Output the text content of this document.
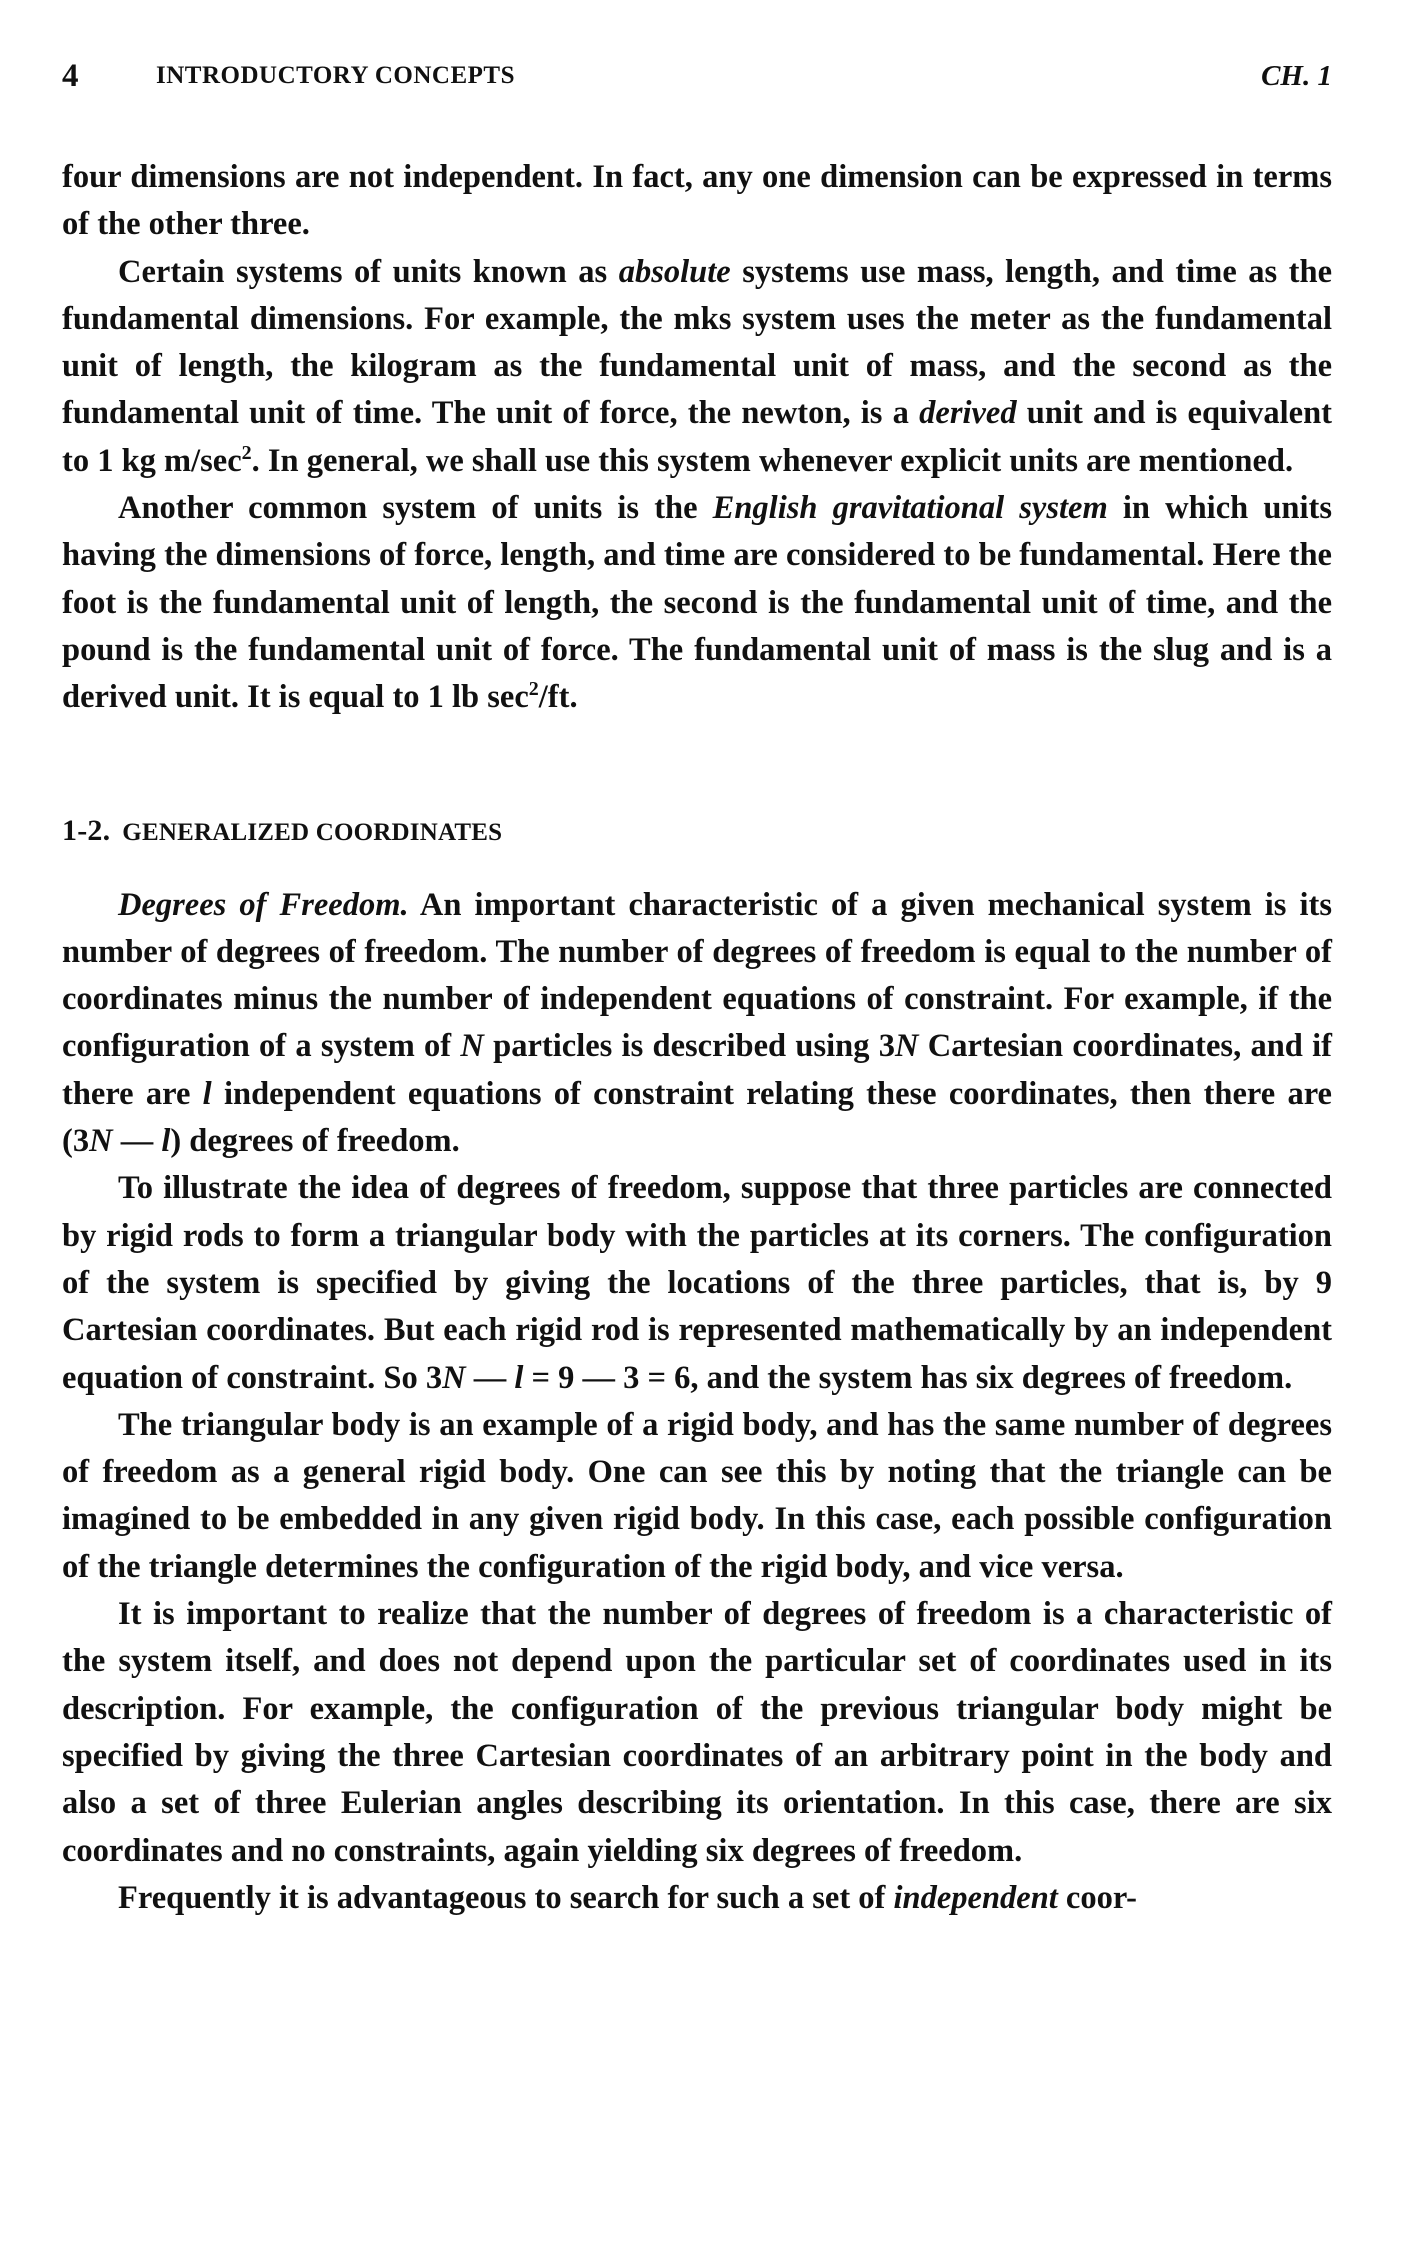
4	INTRODUCTORY CONCEPTS	CH. 1

four dimensions are not independent. In fact, any one dimension can be expressed in terms of the other three.

Certain systems of units known as absolute systems use mass, length, and time as the fundamental dimensions. For example, the mks system uses the meter as the fundamental unit of length, the kilogram as the fundamental unit of mass, and the second as the fundamental unit of time. The unit of force, the newton, is a derived unit and is equivalent to 1 kg $m/\sec^2$. In general, we shall use this system whenever explicit units are mentioned.

Another common system of units is the English gravitational system in which units having the dimensions of force, length, and time are considered to be fundamental. Here the foot is the fundamental unit of length, the second is the fundamental unit of time, and the pound is the fundamental unit of force. The fundamental unit of mass is the slug and is a derived unit. It is equal to 1 lb $\sec^2/ft$.

1-2. GENERALIZED COORDINATES

Degrees of Freedom. An important characteristic of a given mechanical system is its number of degrees of freedom. The number of degrees of freedom is equal to the number of coordinates minus the number of independent equations of constraint. For example, if the configuration of a system of N particles is described using 3N Cartesian coordinates, and if there are l independent equations of constraint relating these coordinates, then there are (3N — l) degrees of freedom.

To illustrate the idea of degrees of freedom, suppose that three particles are connected by rigid rods to form a triangular body with the particles at its corners. The configuration of the system is specified by giving the locations of the three particles, that is, by 9 Cartesian coordinates. But each rigid rod is represented mathematically by an independent equation of constraint. So 3N — l = 9 — 3 = 6, and the system has six degrees of freedom.

The triangular body is an example of a rigid body, and has the same number of degrees of freedom as a general rigid body. One can see this by noting that the triangle can be imagined to be embedded in any given rigid body. In this case, each possible configuration of the triangle determines the configuration of the rigid body, and vice versa.

It is important to realize that the number of degrees of freedom is a characteristic of the system itself, and does not depend upon the particular set of coordinates used in its description. For example, the configuration of the previous triangular body might be specified by giving the three Cartesian coordinates of an arbitrary point in the body and also a set of three Eulerian angles describing its orientation. In this case, there are six coordinates and no constraints, again yielding six degrees of freedom.

Frequently it is advantageous to search for such a set of independent coor-
